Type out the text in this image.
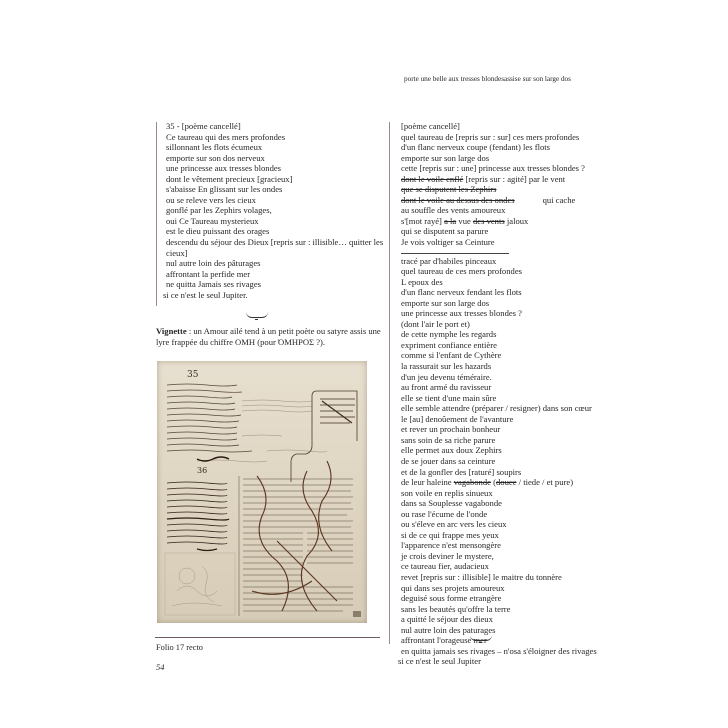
35 - [poème cancellé]
Ce taureau qui des mers profondes
sillonnant les flots écumeux
emporte sur son dos nerveux
une princesse aux tresses blondes
dont le vêtement precieux [gracieux]
s'abaisse En glissant sur les ondes
ou se releve vers les cieux
gonflé par les Zephirs volages,
oui Ce Taureau mysterieux
est le dieu puissant des orages
descendu du séjour des Dieux [repris sur : illisible… quitter les
cieux]
nul autre loin des pâturages
affrontant la perfide mer
ne quitta Jamais ses rivages
si ce n'est le seul Jupiter.
Vignette : un Amour ailé tend à un petit poète ou satyre assis une lyre frappée du chiffre OMH (pour ΌΜΗΡΟΣ ?).
35
36
Folio 17 recto
54
porte une belle aux tresses blondesassise sur son large dos
[poème cancellé]
quel taureau de [repris sur : sur] ces mers profondes
d'un flanc nerveux coupe (fendant) les flots
emporte sur son large dos
cette [repris sur : une] princesse aux tresses blondes ?
dont le voile enflé [repris sur : agité] par le vent
que se disputent les Zephirs
dont le voile au dessus des ondes	qui cache
au souffle des vents amoureux
s'[mot rayé] a la vue des vents jaloux
qui se disputent sa parure
Je vois voltiger sa Ceinture
tracé par d'habiles pinceaux
quel taureau de ces mers profondes
L epoux des
d'un flanc nerveux fendant les flots
emporte sur son large dos
une princesse aux tresses blondes ?
(dont l'air le port et)
de cette nymphe les regards
expriment confiance entière
comme si l'enfant de Cythère
la rassurait sur les hazards
d'un jeu devenu téméraire.
au front armé du ravisseur
elle se tient d'une main sûre
elle semble attendre (préparer / resigner) dans son cœur
le [au] denoûement de l'avanture
et rever un prochain bonheur
sans soin de sa riche parure
elle permet aux doux Zephirs
de se jouer dans sa ceinture
et de la gonfler des [raturé] soupirs
de leur haleine vagabonde (douce / tiede / et pure)
son voile en replis sinueux
dans sa Souplesse vagabonde
ou rase l'écume de l'onde
ou s'éleve en arc vers les cieux
si de ce qui frappe mes yeux
l'apparence n'est mensongère
je crois deviner le mystere,
ce taureau fier, audacieux
revet [repris sur : illisible] le maitre du tonnère
qui dans ses projets amoureux
deguisé sous forme etrangère
sans les beautés qu'offre la terre
a quitté le séjour des dieux
nul autre loin des paturages
affrontant l'orageuse mer
en quitta jamais ses rivages – n'osa s'éloigner des rivages
si ce n'est le seul Jupiter
